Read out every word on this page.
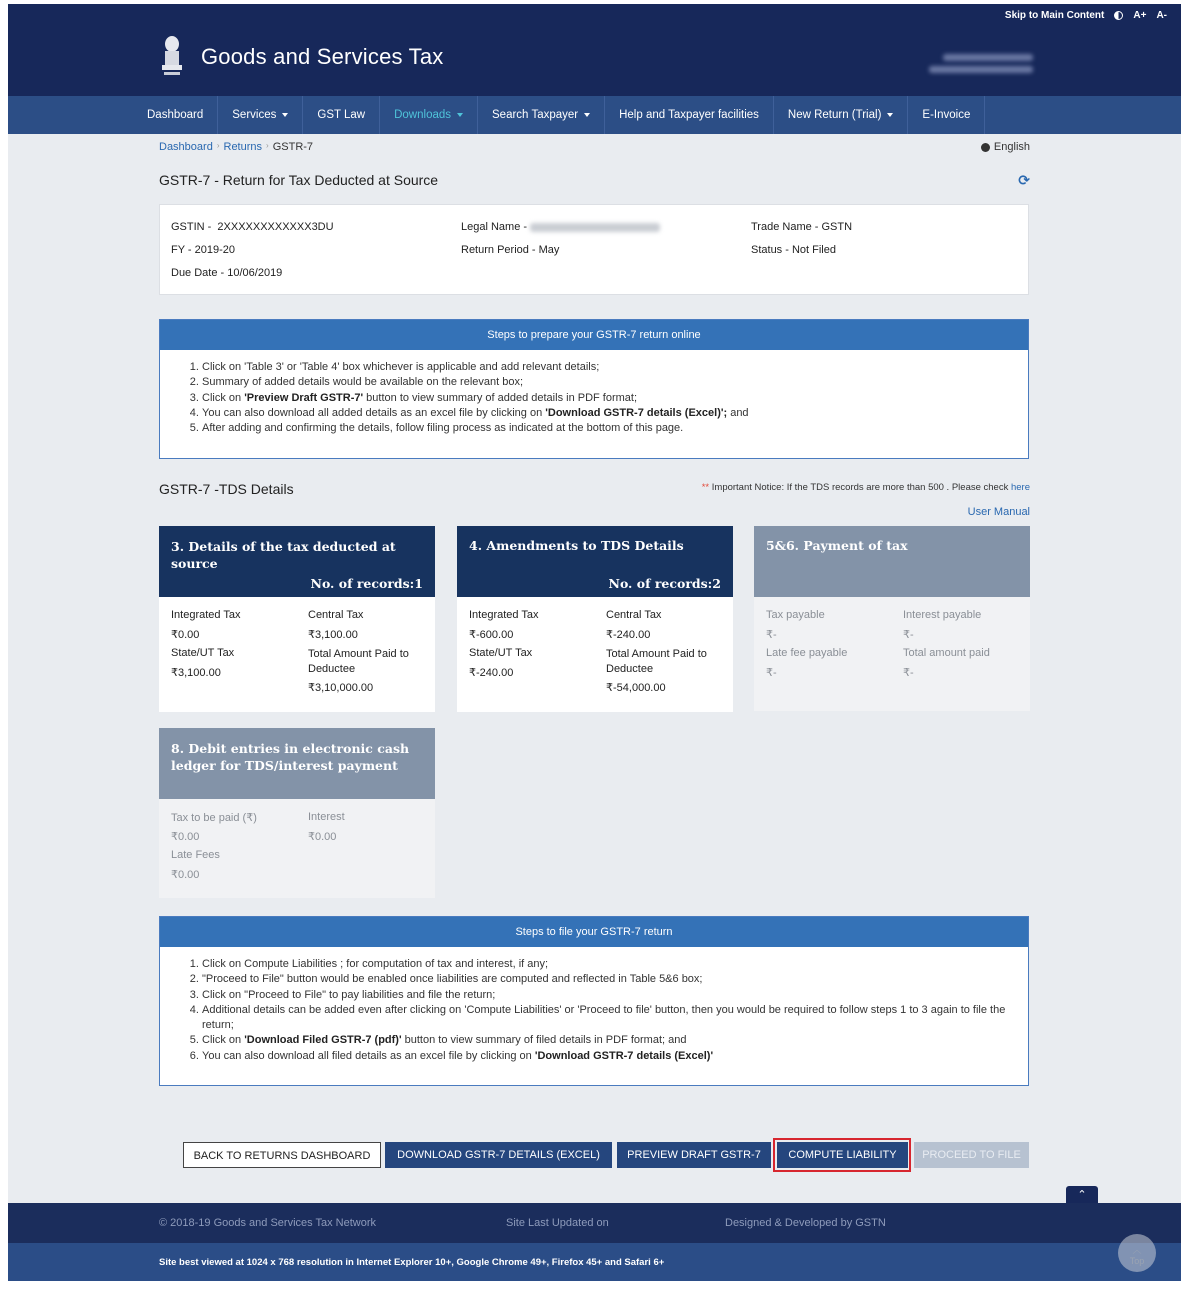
Skip to Main Content	A+ A-
Goods and Services Tax
Dashboard	Services	GST Law	Downloads	Search Taxpayer	Help and Taxpayer facilities	New Return (Trial)	E-Invoice
Dashboard › Returns › GSTR-7	English
GSTR-7 - Return for Tax Deducted at Source	⟳
GSTIN - 2XXXXXXXXXXXX3DU
FY - 2019-20
Due Date - 10/06/2019
Legal Name -
Return Period - May
Trade Name - GSTN
Status - Not Filed
Steps to prepare your GSTR-7 return online
1. Click on 'Table 3' or 'Table 4' box whichever is applicable and add relevant details;
2. Summary of added details would be available on the relevant box;
3. Click on 'Preview Draft GSTR-7' button to view summary of added details in PDF format;
4. You can also download all added details as an excel file by clicking on 'Download GSTR-7 details (Excel)'; and
5. After adding and confirming the details, follow filing process as indicated at the bottom of this page.
GSTR-7 -TDS Details	** Important Notice: If the TDS records are more than 500 . Please check here
User Manual
3. Details of the tax deducted at source
No. of records:1
Integrated Tax
₹0.00
State/UT Tax
₹3,100.00
Central Tax
₹3,100.00
Total Amount Paid to Deductee
₹3,10,000.00
4. Amendments to TDS Details
No. of records:2
Integrated Tax
₹-600.00
State/UT Tax
₹-240.00
Central Tax
₹-240.00
Total Amount Paid to Deductee
₹-54,000.00
5&6. Payment of tax
Tax payable
₹-
Late fee payable
₹-
Interest payable
₹-
Total amount paid
₹-
8. Debit entries in electronic cash ledger for TDS/interest payment
Tax to be paid (₹)
₹0.00
Late Fees
₹0.00
Interest
₹0.00
Steps to file your GSTR-7 return
1. Click on Compute Liabilities ; for computation of tax and interest, if any;
2. "Proceed to File" button would be enabled once liabilities are computed and reflected in Table 5&6 box;
3. Click on "Proceed to File" to pay liabilities and file the return;
4. Additional details can be added even after clicking on 'Compute Liabilities' or 'Proceed to file' button, then you would be required to follow steps 1 to 3 again to file the return;
5. Click on 'Download Filed GSTR-7 (pdf)' button to view summary of filed details in PDF format; and
6. You can also download all filed details as an excel file by clicking on 'Download GSTR-7 details (Excel)'
BACK TO RETURNS DASHBOARD	DOWNLOAD GSTR-7 DETAILS (EXCEL)	PREVIEW DRAFT GSTR-7	COMPUTE LIABILITY	PROCEED TO FILE
⌃
© 2018-19 Goods and Services Tax Network	Site Last Updated on	Designed & Developed by GSTN
Site best viewed at 1024 x 768 resolution in Internet Explorer 10+, Google Chrome 49+, Firefox 45+ and Safari 6+
︿
Top
